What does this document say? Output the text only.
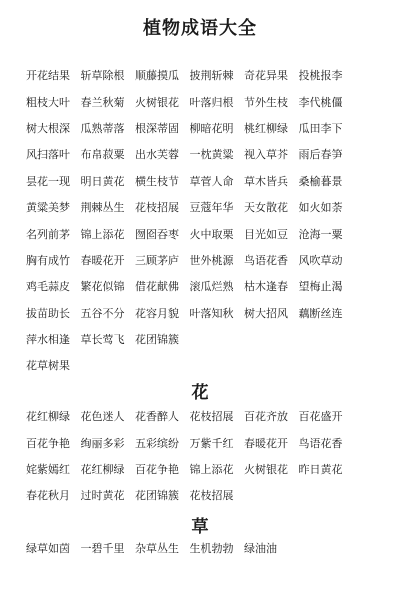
植物成语大全
开花结果 斩草除根 顺藤摸瓜 披荆斩棘 奇花异果 投桃报李
粗枝大叶 春兰秋菊 火树银花 叶落归根 节外生枝 李代桃僵
树大根深 瓜熟蒂落 根深蒂固 柳暗花明 桃红柳绿 瓜田李下
风扫落叶 布帛菽粟 出水芙蓉 一枕黄粱 视入草芥 雨后春笋
昙花一现 明日黄花 横生枝节 草菅人命 草木皆兵 桑榆暮景
黄粱美梦 荆棘丛生 花枝招展 豆蔻年华 天女散花 如火如荼
名列前茅 锦上添花 囫囵吞枣 火中取栗 目光如豆 沧海一粟
胸有成竹 春暖花开 三顾茅庐 世外桃源 鸟语花香 风吹草动
鸡毛蒜皮 繁花似锦 借花献佛 滚瓜烂熟 枯木逢春 望梅止渴
拔苗助长 五谷不分 花容月貌 叶落知秋 树大招风 藕断丝连
萍水相逢 草长莺飞 花团锦簇
花草树果
花
花红柳绿 花色迷人 花香醉人 花枝招展 百花齐放 百花盛开
百花争艳 绚丽多彩 五彩缤纷 万紫千红 春暖花开 鸟语花香
姹紫嫣红 花红柳绿 百花争艳 锦上添花 火树银花 昨日黄花
春花秋月 过时黄花 花团锦簇 花枝招展
草
绿草如茵 一碧千里 杂草丛生 生机勃勃 绿油油
